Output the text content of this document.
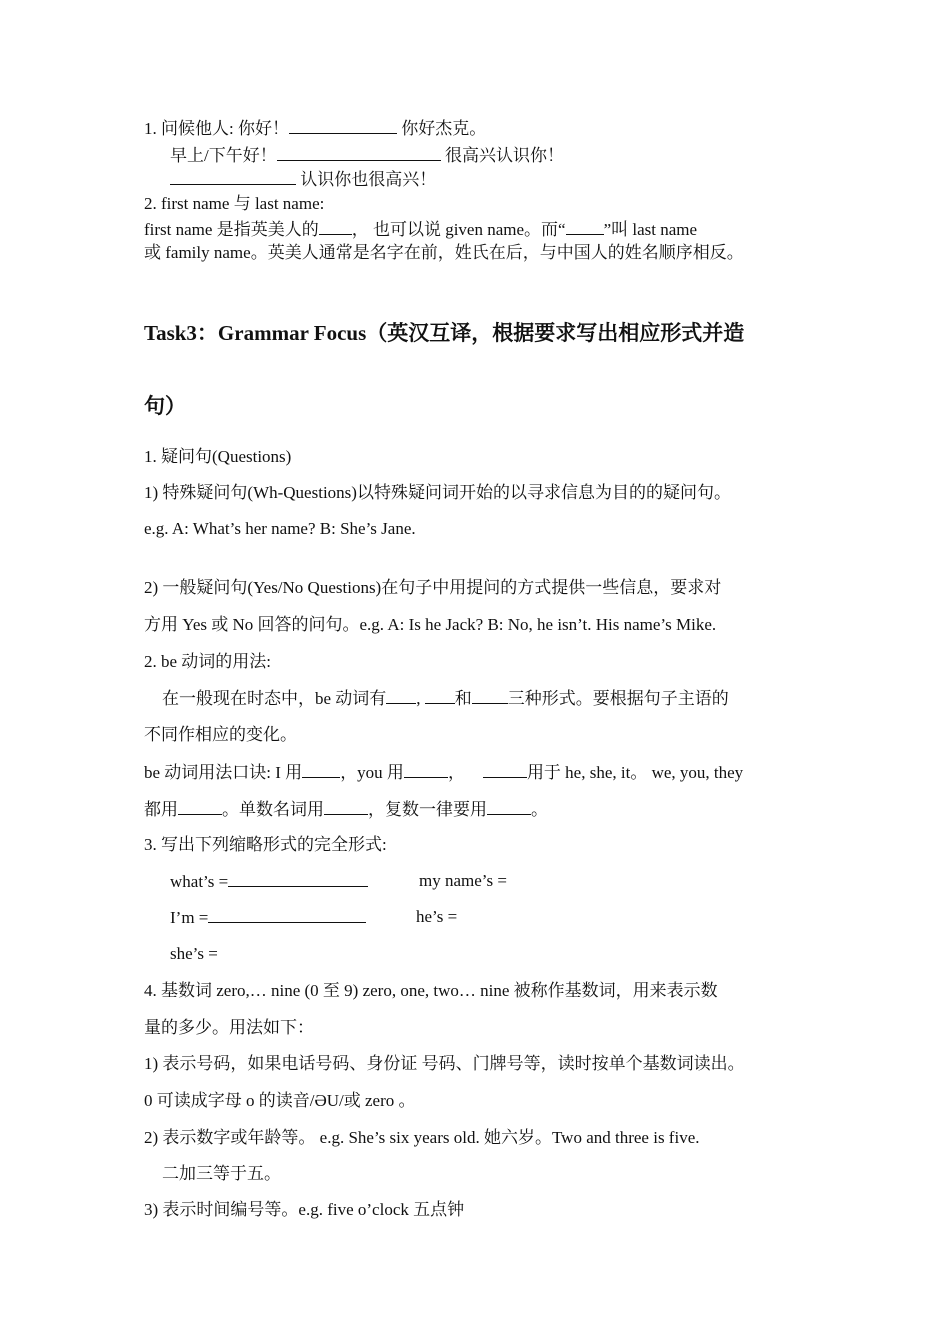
1. 问候他人: 你好！	你好杰克。
早上/下午好！	很高兴认识你！
认识你也很高兴！
2. first name 与 last name:
first name 是指英美人的 ， 也可以说 given name。而“ ”叫 last name
或 family name。英美人通常是名字在前，姓氏在后，与中国人的姓名顺序相反。
Task3：Grammar Focus（英汉互译，根据要求写出相应形式并造
句）
1. 疑问句(Questions)
1) 特殊疑问句(Wh-Questions)以特殊疑问词开始的以寻求信息为目的的疑问句。
e.g. A: What’s her name? B: She’s Jane.
2) 一般疑问句(Yes/No Questions)在句子中用提问的方式提供一些信息，要求对
方用 Yes 或 No 回答的问句。e.g. A: Is he Jack? B: No, he isn’t. His name’s Mike.
2. be 动词的用法:
在一般现在时态中，be 动词有 , 和 三种形式。要根据句子主语的
不同作相应的变化。
be 动词用法口诀: I 用 ，you 用	，	用于 he, she, it。 we, you, they
都用	。单数名词用	，复数一律要用	。
3. 写出下列缩略形式的完全形式:
what’s =	my name’s =
I’m =	he’s =
she’s =
4. 基数词 zero,… nine (0 至 9) zero, one, two… nine 被称作基数词，用来表示数
量的多少。用法如下：
1) 表示号码，如果电话号码、身份证 号码、门牌号等，读时按单个基数词读出。
0 可读成字母 o 的读音/ƏU/或 zero 。
2) 表示数字或年龄等。 e.g. She’s six years old. 她六岁。Two and three is five.
二加三等于五。
3) 表示时间编号等。e.g. five o’clock 五点钟
